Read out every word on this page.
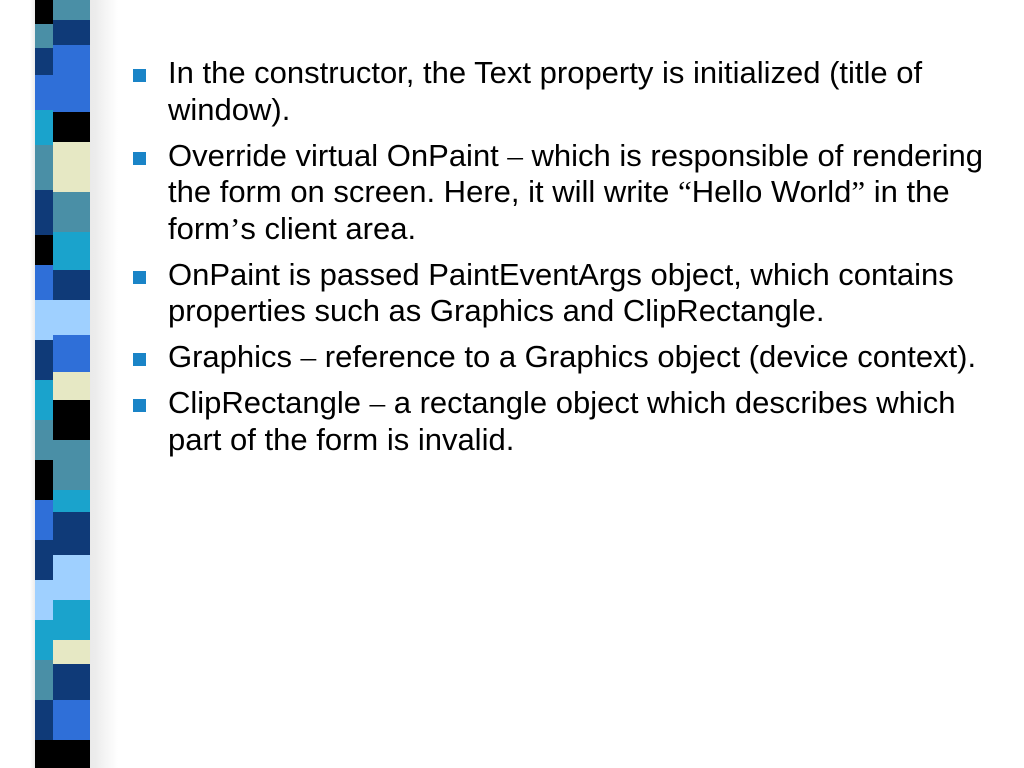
In the constructor, the Text property is initialized (title of window).
Override virtual OnPaint – which is responsible of rendering the form on screen. Here, it will write “Hello World” in the form’s client area.
OnPaint is passed PaintEventArgs object, which contains properties such as Graphics and ClipRectangle.
Graphics – reference to a Graphics object (device context).
ClipRectangle – a rectangle object which describes which part of the form is invalid.
